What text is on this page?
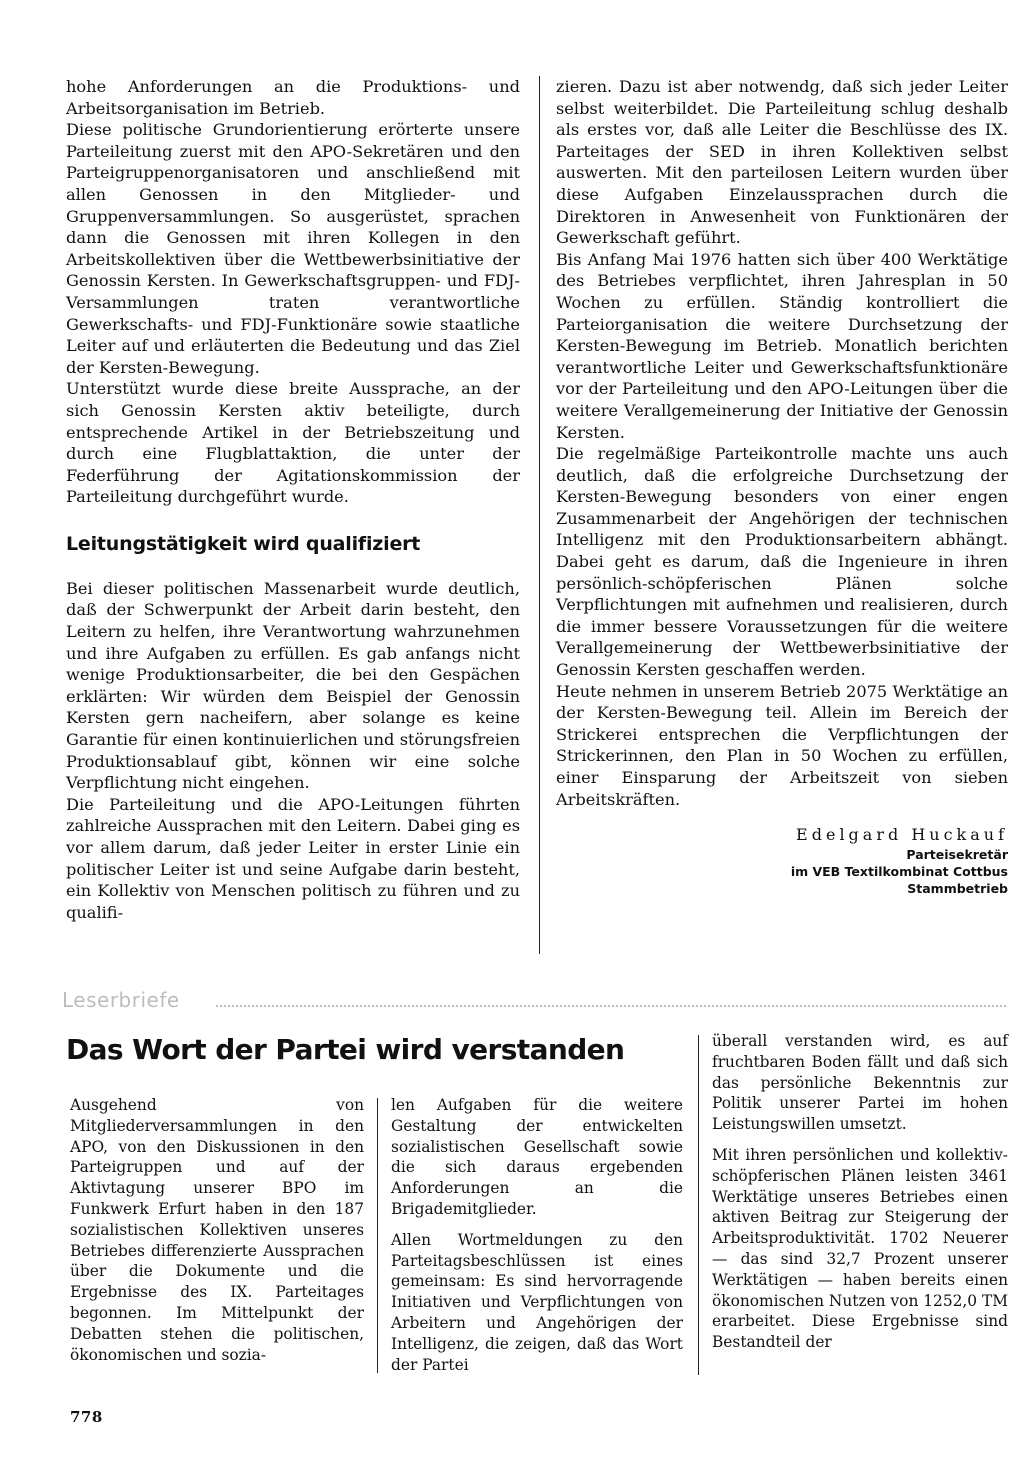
hohe Anforderungen an die Produktions- und Arbeitsorganisation im Betrieb.

Diese politische Grundorientierung erörterte unsere Parteileitung zuerst mit den APO-Sekretären und den Parteigruppenorganisatoren und anschließend mit allen Genossen in den Mitglieder- und Gruppenversammlungen. So ausgerüstet, sprachen dann die Genossen mit ihren Kollegen in den Arbeitskollektiven über die Wettbewerbsinitiative der Genossin Kersten. In Gewerkschaftsgruppen- und FDJ-Versammlungen traten verantwortliche Gewerkschafts- und FDJ-Funktionäre sowie staatliche Leiter auf und erläuterten die Bedeutung und das Ziel der Kersten-Bewegung.

Unterstützt wurde diese breite Aussprache, an der sich Genossin Kersten aktiv beteiligte, durch entsprechende Artikel in der Betriebszeitung und durch eine Flugblattaktion, die unter der Federführung der Agitationskommission der Parteileitung durchgeführt wurde.

Leitungstätigkeit wird qualifiziert

Bei dieser politischen Massenarbeit wurde deutlich, daß der Schwerpunkt der Arbeit darin besteht, den Leitern zu helfen, ihre Verantwortung wahrzunehmen und ihre Aufgaben zu erfüllen. Es gab anfangs nicht wenige Produktionsarbeiter, die bei den Gespächen erklärten: Wir würden dem Beispiel der Genossin Kersten gern nacheifern, aber solange es keine Garantie für einen kontinuierlichen und störungsfreien Produktionsablauf gibt, können wir eine solche Verpflichtung nicht eingehen.

Die Parteileitung und die APO-Leitungen führten zahlreiche Aussprachen mit den Leitern. Dabei ging es vor allem darum, daß jeder Leiter in erster Linie ein politischer Leiter ist und seine Aufgabe darin besteht, ein Kollektiv von Menschen politisch zu führen und zu qualifi-

zieren. Dazu ist aber notwendg, daß sich jeder Leiter selbst weiterbildet. Die Parteileitung schlug deshalb als erstes vor, daß alle Leiter die Beschlüsse des IX. Parteitages der SED in ihren Kollektiven selbst auswerten. Mit den parteilosen Leitern wurden über diese Aufgaben Einzelaussprachen durch die Direktoren in Anwesenheit von Funktionären der Gewerkschaft geführt.

Bis Anfang Mai 1976 hatten sich über 400 Werktätige des Betriebes verpflichtet, ihren Jahresplan in 50 Wochen zu erfüllen. Ständig kontrolliert die Parteiorganisation die weitere Durchsetzung der Kersten-Bewegung im Betrieb. Monatlich berichten verantwortliche Leiter und Gewerkschaftsfunktionäre vor der Parteileitung und den APO-Leitungen über die weitere Verallgemeinerung der Initiative der Genossin Kersten.

Die regelmäßige Parteikontrolle machte uns auch deutlich, daß die erfolgreiche Durchsetzung der Kersten-Bewegung besonders von einer engen Zusammenarbeit der Angehörigen der technischen Intelligenz mit den Produktionsarbeitern abhängt. Dabei geht es darum, daß die Ingenieure in ihren persönlich-schöpferischen Plänen solche Verpflichtungen mit aufnehmen und realisieren, durch die immer bessere Voraussetzungen für die weitere Verallgemeinerung der Wettbewerbsinitiative der Genossin Kersten geschaffen werden.

Heute nehmen in unserem Betrieb 2075 Werktätige an der Kersten-Bewegung teil. Allein im Bereich der Strickerei entsprechen die Verpflichtungen der Strickerinnen, den Plan in 50 Wochen zu erfüllen, einer Einsparung der Arbeitszeit von sieben Arbeitskräften.

Edelgard Huckauf
Parteisekretär
im VEB Textilkombinat Cottbus
Stammbetrieb
Leserbriefe
Das Wort der Partei wird verstanden

Ausgehend von Mitgliederversammlungen in den APO, von den Diskussionen in den Parteigruppen und auf der Aktivtagung unserer BPO im Funkwerk Erfurt haben in den 187 sozialistischen Kollektiven unseres Betriebes differenzierte Aussprachen über die Dokumente und die Ergebnisse des IX. Parteitages begonnen. Im Mittelpunkt der Debatten stehen die politischen, ökonomischen und sozia-

len Aufgaben für die weitere Gestaltung der entwickelten sozialistischen Gesellschaft sowie die sich daraus ergebenden Anforderungen an die Brigademitglieder.

Allen Wortmeldungen zu den Parteitagsbeschlüssen ist eines gemeinsam: Es sind hervorragende Initiativen und Verpflichtungen von Arbeitern und Angehörigen der Intelligenz, die zeigen, daß das Wort der Partei

überall verstanden wird, es auf fruchtbaren Boden fällt und daß sich das persönliche Bekenntnis zur Politik unserer Partei im hohen Leistungswillen umsetzt.

Mit ihren persönlichen und kollektiv-schöpferischen Plänen leisten 3461 Werktätige unseres Betriebes einen aktiven Beitrag zur Steigerung der Arbeitsproduktivität. 1702 Neuerer — das sind 32,7 Prozent unserer Werktätigen — haben bereits einen ökonomischen Nutzen von 1252,0 TM erarbeitet. Diese Ergebnisse sind Bestandteil der

778
